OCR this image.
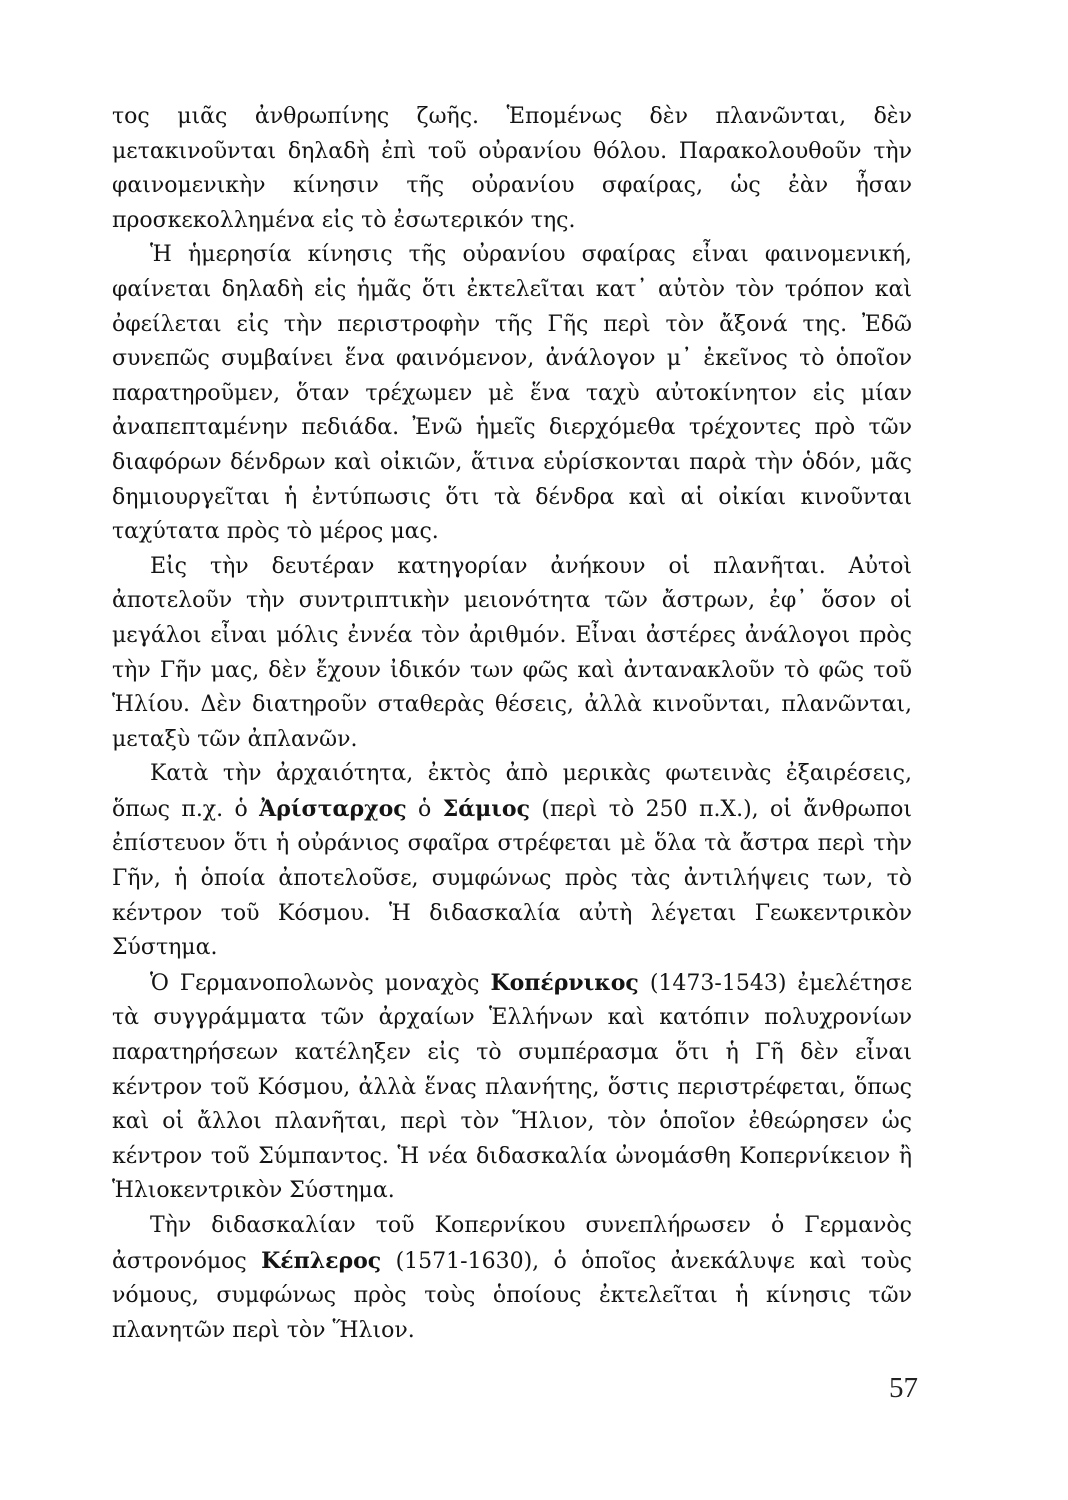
τος μιᾶς ἀνθρωπίνης ζωῆς. Ἑπομένως δὲν πλανῶνται, δὲν μετακινοῦνται δηλαδὴ ἐπὶ τοῦ οὐρανίου θόλου. Παρακολουθοῦν τὴν φαινομενικὴν κίνησιν τῆς οὐρανίου σφαίρας, ὡς ἐὰν ἦσαν προσκεκολλημένα εἰς τὸ ἐσωτερικόν της.

Ἡ ἡμερησία κίνησις τῆς οὐρανίου σφαίρας εἶναι φαινομενική, φαίνεται δηλαδὴ εἰς ἡμᾶς ὅτι ἐκτελεῖται κατ᾽ αὐτὸν τὸν τρόπον καὶ ὀφείλεται εἰς τὴν περιστροφὴν τῆς Γῆς περὶ τὸν ἄξονά της. Ἐδῶ συνεπῶς συμβαίνει ἕνα φαινόμενον, ἀνάλογον μ᾽ ἐκεῖνος τὸ ὁποῖον παρατηροῦμεν, ὅταν τρέχωμεν μὲ ἕνα ταχὺ αὐτοκίνητον εἰς μίαν ἀναπεπταμένην πεδιάδα. Ἐνῶ ἡμεῖς διερχόμεθα τρέχοντες πρὸ τῶν διαφόρων δένδρων καὶ οἰκιῶν, ἅτινα εὑρίσκονται παρὰ τὴν ὁδόν, μᾶς δημιουργεῖται ἡ ἐντύπωσις ὅτι τὰ δένδρα καὶ αἱ οἰκίαι κινοῦνται ταχύτατα πρὸς τὸ μέρος μας.

Εἰς τὴν δευτέραν κατηγορίαν ἀνήκουν οἱ πλανῆται. Αὐτοὶ ἀποτελοῦν τὴν συντριπτικὴν μειονότητα τῶν ἄστρων, ἐφ᾽ ὅσον οἱ μεγάλοι εἶναι μόλις ἐννέα τὸν ἀριθμόν. Εἶναι ἀστέρες ἀνάλογοι πρὸς τὴν Γῆν μας, δὲν ἔχουν ἰδικόν των φῶς καὶ ἀντανακλοῦν τὸ φῶς τοῦ Ἡλίου. Δὲν διατηροῦν σταθερὰς θέσεις, ἀλλὰ κινοῦνται, πλανῶνται, μεταξὺ τῶν ἀπλανῶν.

Κατὰ τὴν ἀρχαιότητα, ἐκτὸς ἀπὸ μερικὰς φωτεινὰς ἐξαιρέσεις, ὅπως π.χ. ὁ Ἀρίσταρχος ὁ Σάμιος (περὶ τὸ 250 π.Χ.), οἱ ἄνθρωποι ἐπίστευον ὅτι ἡ οὐράνιος σφαῖρα στρέφεται μὲ ὅλα τὰ ἄστρα περὶ τὴν Γῆν, ἡ ὁποία ἀποτελοῦσε, συμφώνως πρὸς τὰς ἀντιλήψεις των, τὸ κέντρον τοῦ Κόσμου. Ἡ διδασκαλία αὐτὴ λέγεται Γεωκεντρικὸν Σύστημα.

Ὁ Γερμανοπολωνὸς μοναχὸς Κοπέρνικος (1473-1543) ἐμελέτησε τὰ συγγράμματα τῶν ἀρχαίων Ἑλλήνων καὶ κατόπιν πολυχρονίων παρατηρήσεων κατέληξεν εἰς τὸ συμπέρασμα ὅτι ἡ Γῆ δὲν εἶναι κέντρον τοῦ Κόσμου, ἀλλὰ ἕνας πλανήτης, ὅστις περιστρέφεται, ὅπως καὶ οἱ ἄλλοι πλανῆται, περὶ τὸν Ἥλιον, τὸν ὁποῖον ἐθεώρησεν ὡς κέντρον τοῦ Σύμπαντος. Ἡ νέα διδασκαλία ὠνομάσθη Κοπερνίκειον ἢ Ἡλιοκεντρικὸν Σύστημα.

Τὴν διδασκαλίαν τοῦ Κοπερνίκου συνεπλήρωσεν ὁ Γερμανὸς ἀστρονόμος Κέπλερος (1571-1630), ὁ ὁποῖος ἀνεκάλυψε καὶ τοὺς νόμους, συμφώνως πρὸς τοὺς ὁποίους ἐκτελεῖται ἡ κίνησις τῶν πλανητῶν περὶ τὸν Ἥλιον.

57
